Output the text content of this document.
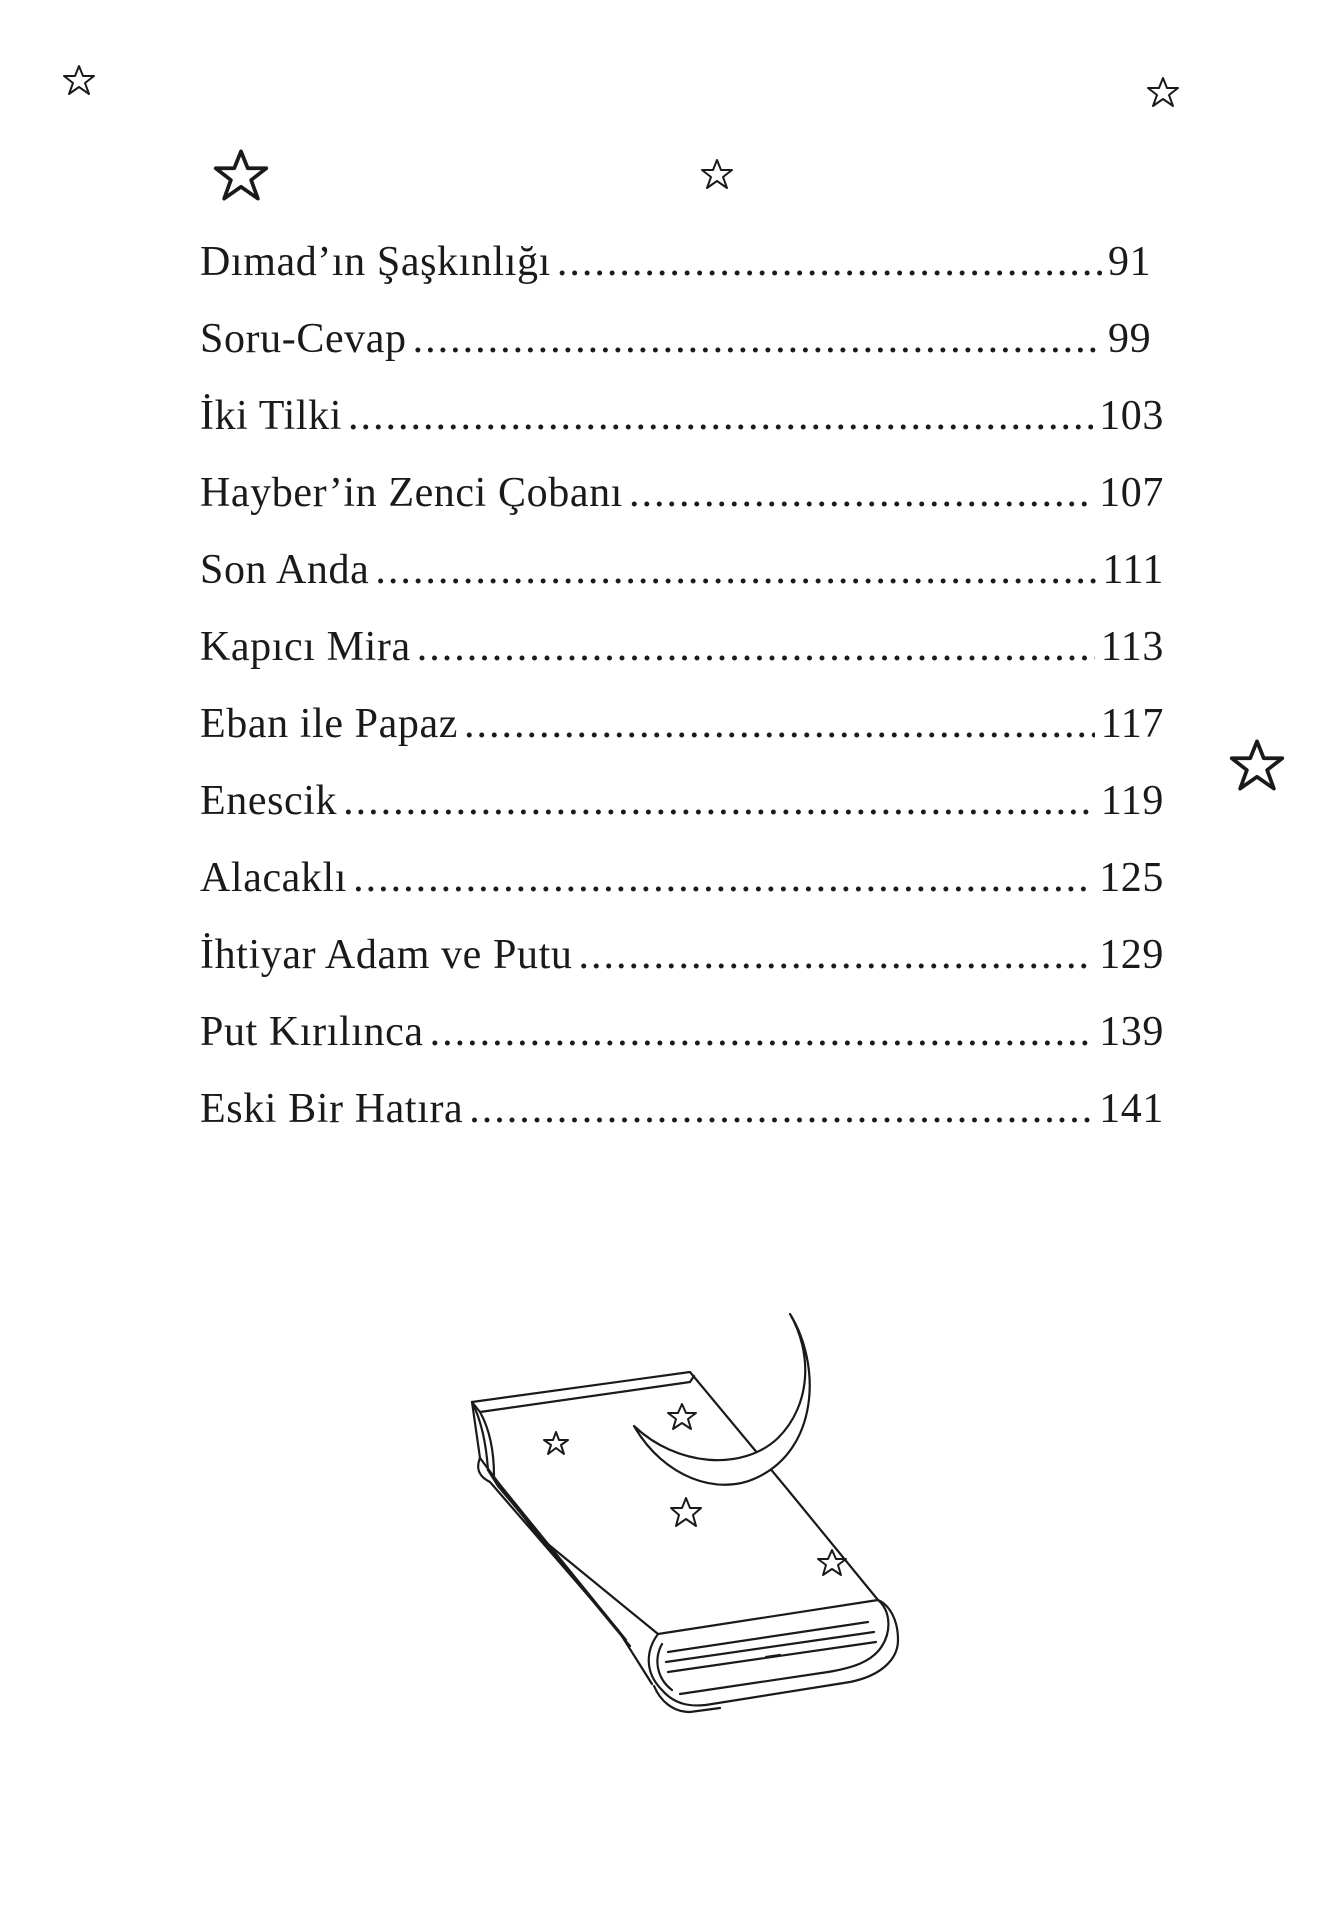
Dımad’ın Şaşkınlığı .....	91
Soru-Cevap .....	99
İki Tilki .....	103
Hayber’in Zenci Çobanı .....	107
Son Anda .....	111
Kapıcı Mira .....	113
Eban ile Papaz .....	117
Enescik .....	119
Alacaklı .....	125
İhtiyar Adam ve Putu .....	129
Put Kırılınca .....	139
Eski Bir Hatıra .....	141
